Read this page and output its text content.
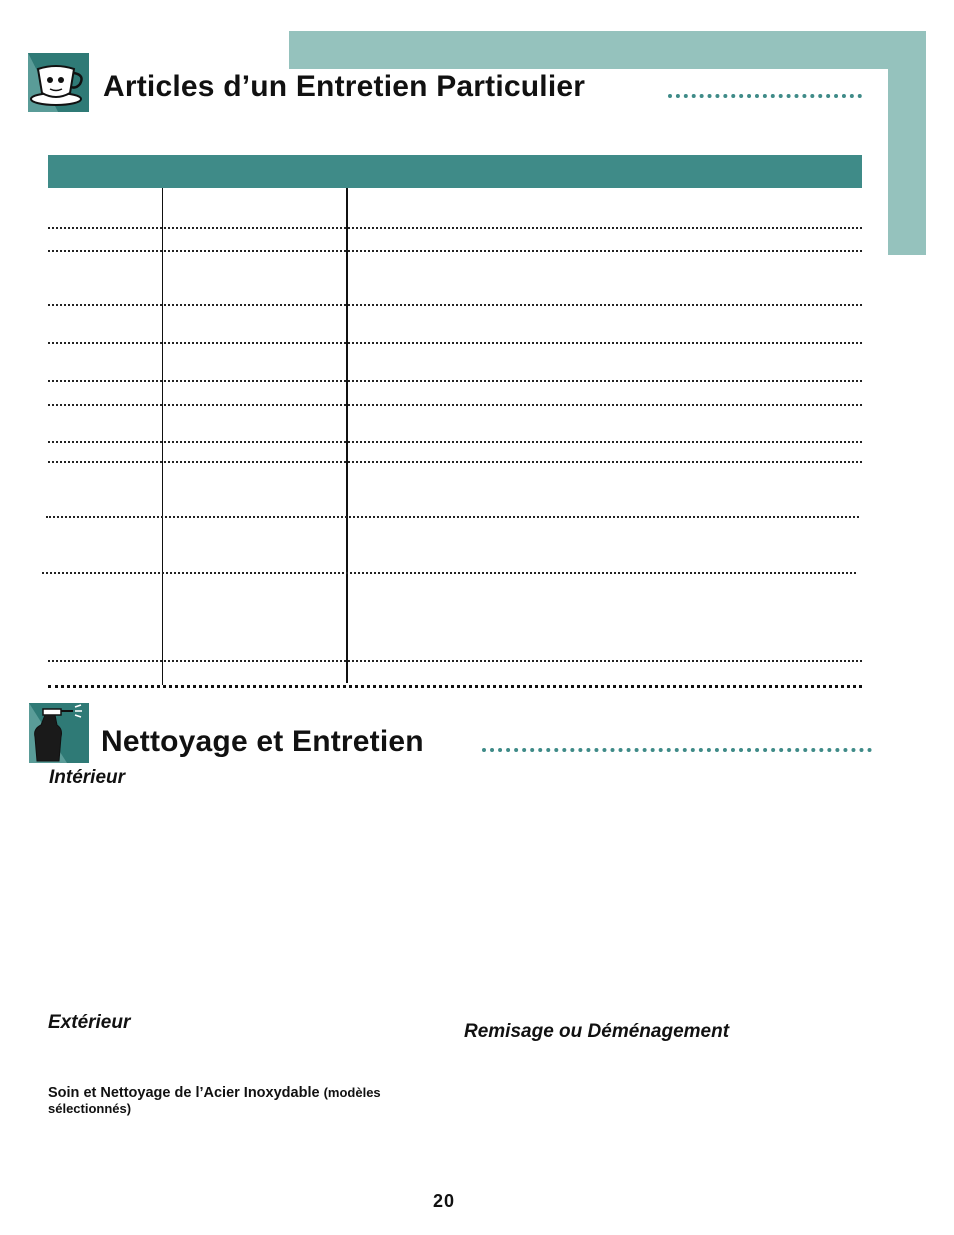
Articles d’un Entretien Particulier
Nettoyage et Entretien
Intérieur
Extérieur	Remisage ou Déménagement
Soin et Nettoyage de l’Acier Inoxydable (modèles sélectionnés)
20
